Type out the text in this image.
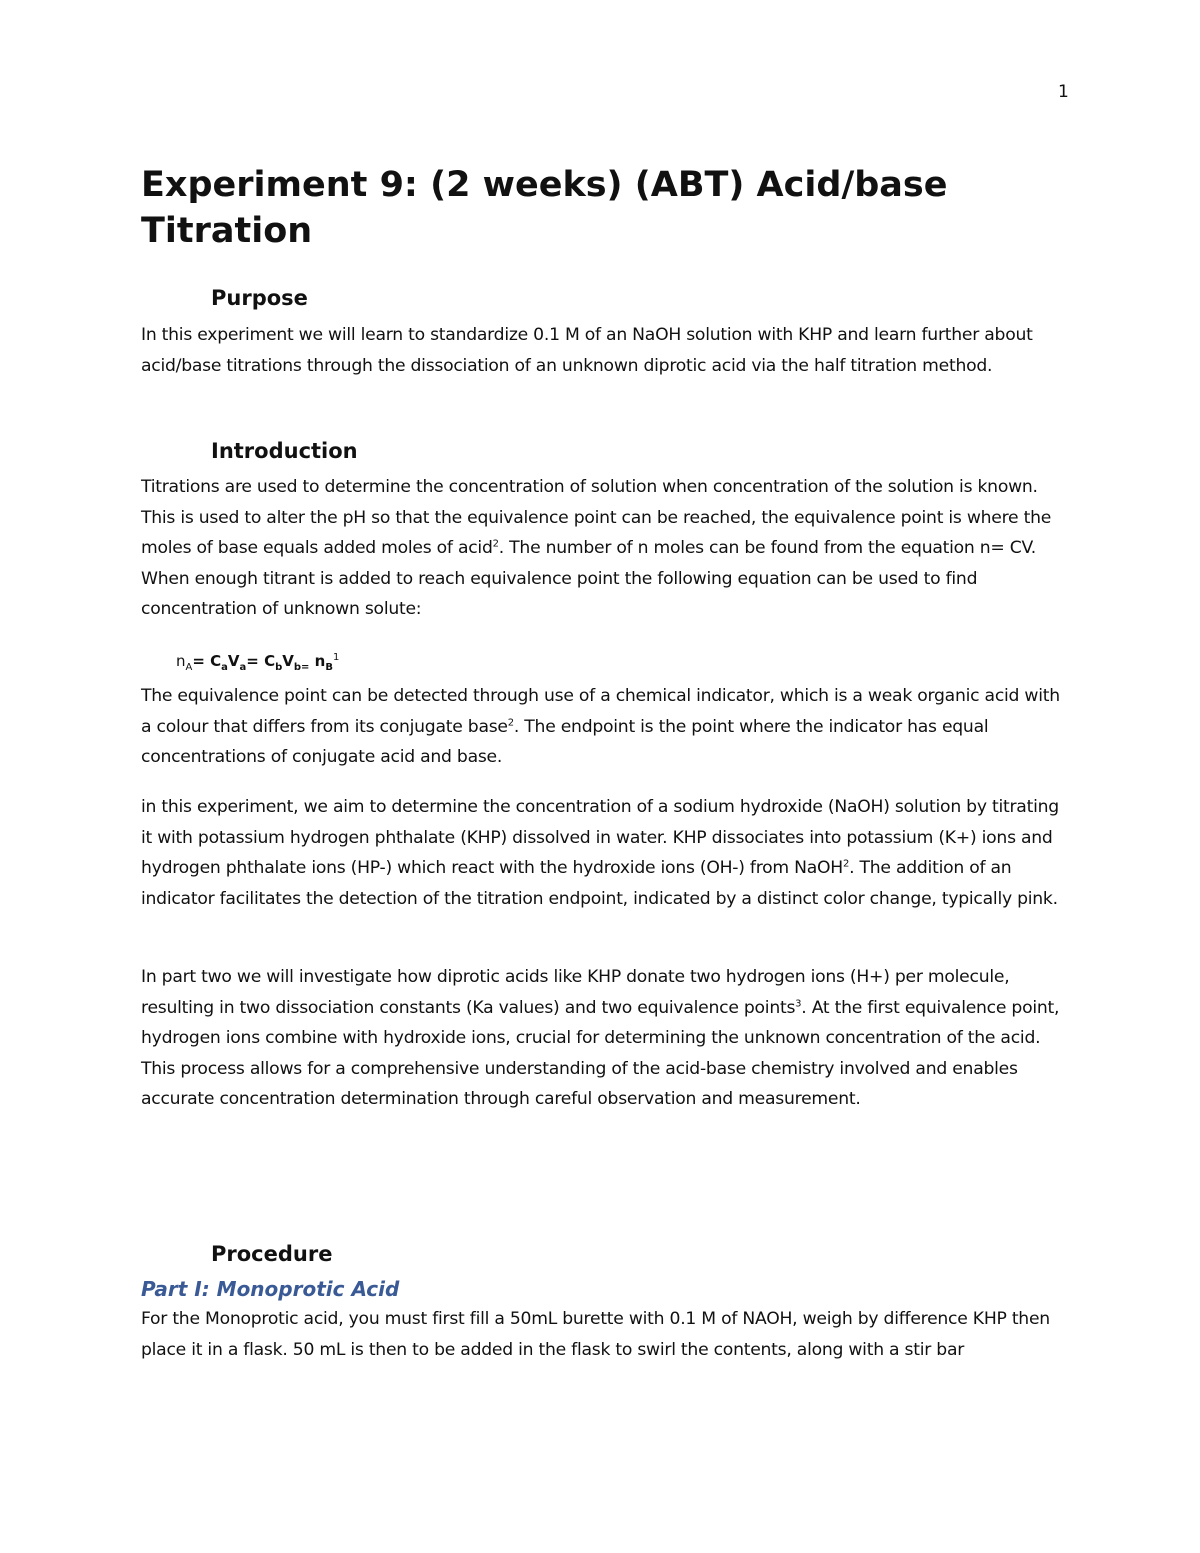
1
Experiment 9: (2 weeks) (ABT) Acid/base Titration
Purpose

In this experiment we will learn to standardize 0.1 M of an NaOH solution with KHP and learn further about acid/base titrations through the dissociation of an unknown diprotic acid via the half titration method.

Introduction

Titrations are used to determine the concentration of solution when concentration of the solution is known. This is used to alter the pH so that the equivalence point can be reached, the equivalence point is where the moles of base equals added moles of acid$^2$. The number of n moles can be found from the equation n= CV. When enough titrant is added to reach equivalence point the following equation can be used to find concentration of unknown solute:

$n_A= C_aV_a= C_bV_{b=}$ $n_B^1$

The equivalence point can be detected through use of a chemical indicator, which is a weak organic acid with a colour that differs from its conjugate base$^2$. The endpoint is the point where the indicator has equal concentrations of conjugate acid and base.

in this experiment, we aim to determine the concentration of a sodium hydroxide (NaOH) solution by titrating it with potassium hydrogen phthalate (KHP) dissolved in water. KHP dissociates into potassium (K+) ions and hydrogen phthalate ions (HP-) which react with the hydroxide ions (OH-) from NaOH$^2$. The addition of an indicator facilitates the detection of the titration endpoint, indicated by a distinct color change, typically pink.

In part two we will investigate how diprotic acids like KHP donate two hydrogen ions (H+) per molecule, resulting in two dissociation constants (Ka values) and two equivalence points$^3$. At the first equivalence point, hydrogen ions combine with hydroxide ions, crucial for determining the unknown concentration of the acid. This process allows for a comprehensive understanding of the acid-base chemistry involved and enables accurate concentration determination through careful observation and measurement.

Procedure
Part I: Monoprotic Acid

For the Monoprotic acid, you must first fill a 50mL burette with 0.1 M of NAOH, weigh by difference KHP then place it in a flask. 50 mL is then to be added in the flask to swirl the contents, along with a stir bar
